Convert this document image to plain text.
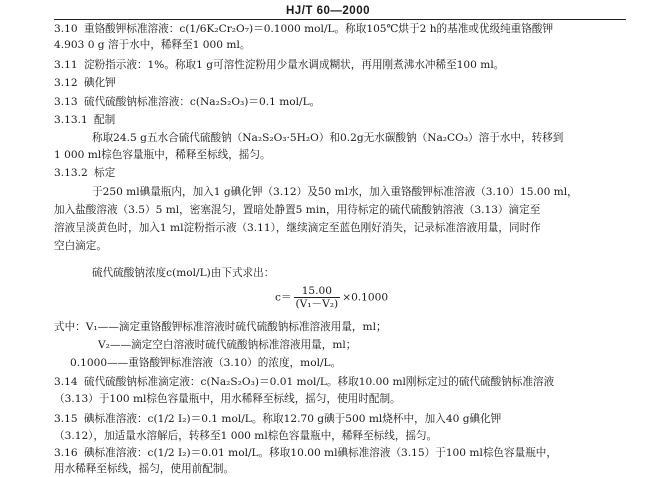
HJ/T 60—2000
3.10 重铬酸钾标准溶液：c(1/6K₂Cr₂O₇)＝0.1000 mol/L。称取105℃烘于2 h的基准或优级纯重铬酸钾
4.903 0 g 溶于水中，稀释至1 000 ml。
3.11 淀粉指示液：1%。称取1 g可溶性淀粉用少量水调成糊状，再用刚煮沸水冲稀至100 ml。
3.12 碘化钾
3.13 硫代硫酸钠标准溶液：c(Na₂S₂O₃)＝0.1 mol/L。
3.13.1 配制
称取24.5 g五水合硫代硫酸钠（Na₂S₂O₃·5H₂O）和0.2g无水碳酸钠（Na₂CO₃）溶于水中，转移到
1 000 ml棕色容量瓶中，稀释至标线，摇匀。
3.13.2 标定
于250 ml碘量瓶内，加入1 g碘化钾（3.12）及50 ml水，加入重铬酸钾标准溶液（3.10）15.00 ml，
加入盐酸溶液（3.5）5 ml，密塞混匀，置暗处静置5 min，用待标定的硫代硫酸钠溶液（3.13）滴定至
溶液呈淡黄色时，加入1 ml淀粉指示液（3.11），继续滴定至蓝色刚好消失，记录标准溶液用量，同时作
空白滴定。
硫代硫酸钠浓度c(mol/L)由下式求出：
$c= \frac{15.00}{\text{(V₁－V₂)}} \times 0.1000$
式中：V₁——滴定重铬酸钾标准溶液时硫代硫酸钠标准溶液用量，ml；
V₂——滴定空白溶液时硫代硫酸钠标准溶液用量，ml；
0.1000——重铬酸钾标准溶液（3.10）的浓度，mol/L。
3.14 硫代硫酸钠标准滴定液：c(Na₂S₂O₃)＝0.01 mol/L。移取10.00 ml刚标定过的硫代硫酸钠标准溶液
（3.13）于100 ml棕色容量瓶中，用水稀释至标线，摇匀，使用时配制。
3.15 碘标准溶液：c(1/2 I₂)＝0.1 mol/L。称取12.70 g碘于500 ml烧杯中，加入40 g碘化钾
（3.12），加适量水溶解后，转移至1 000 ml棕色容量瓶中，稀释至标线，摇匀。
3.16 碘标准溶液：c(1/2 I₂)＝0.01 mol/L。移取10.00 ml碘标准溶液（3.15）于100 ml棕色容量瓶中，
用水稀释至标线，摇匀，使用前配制。
